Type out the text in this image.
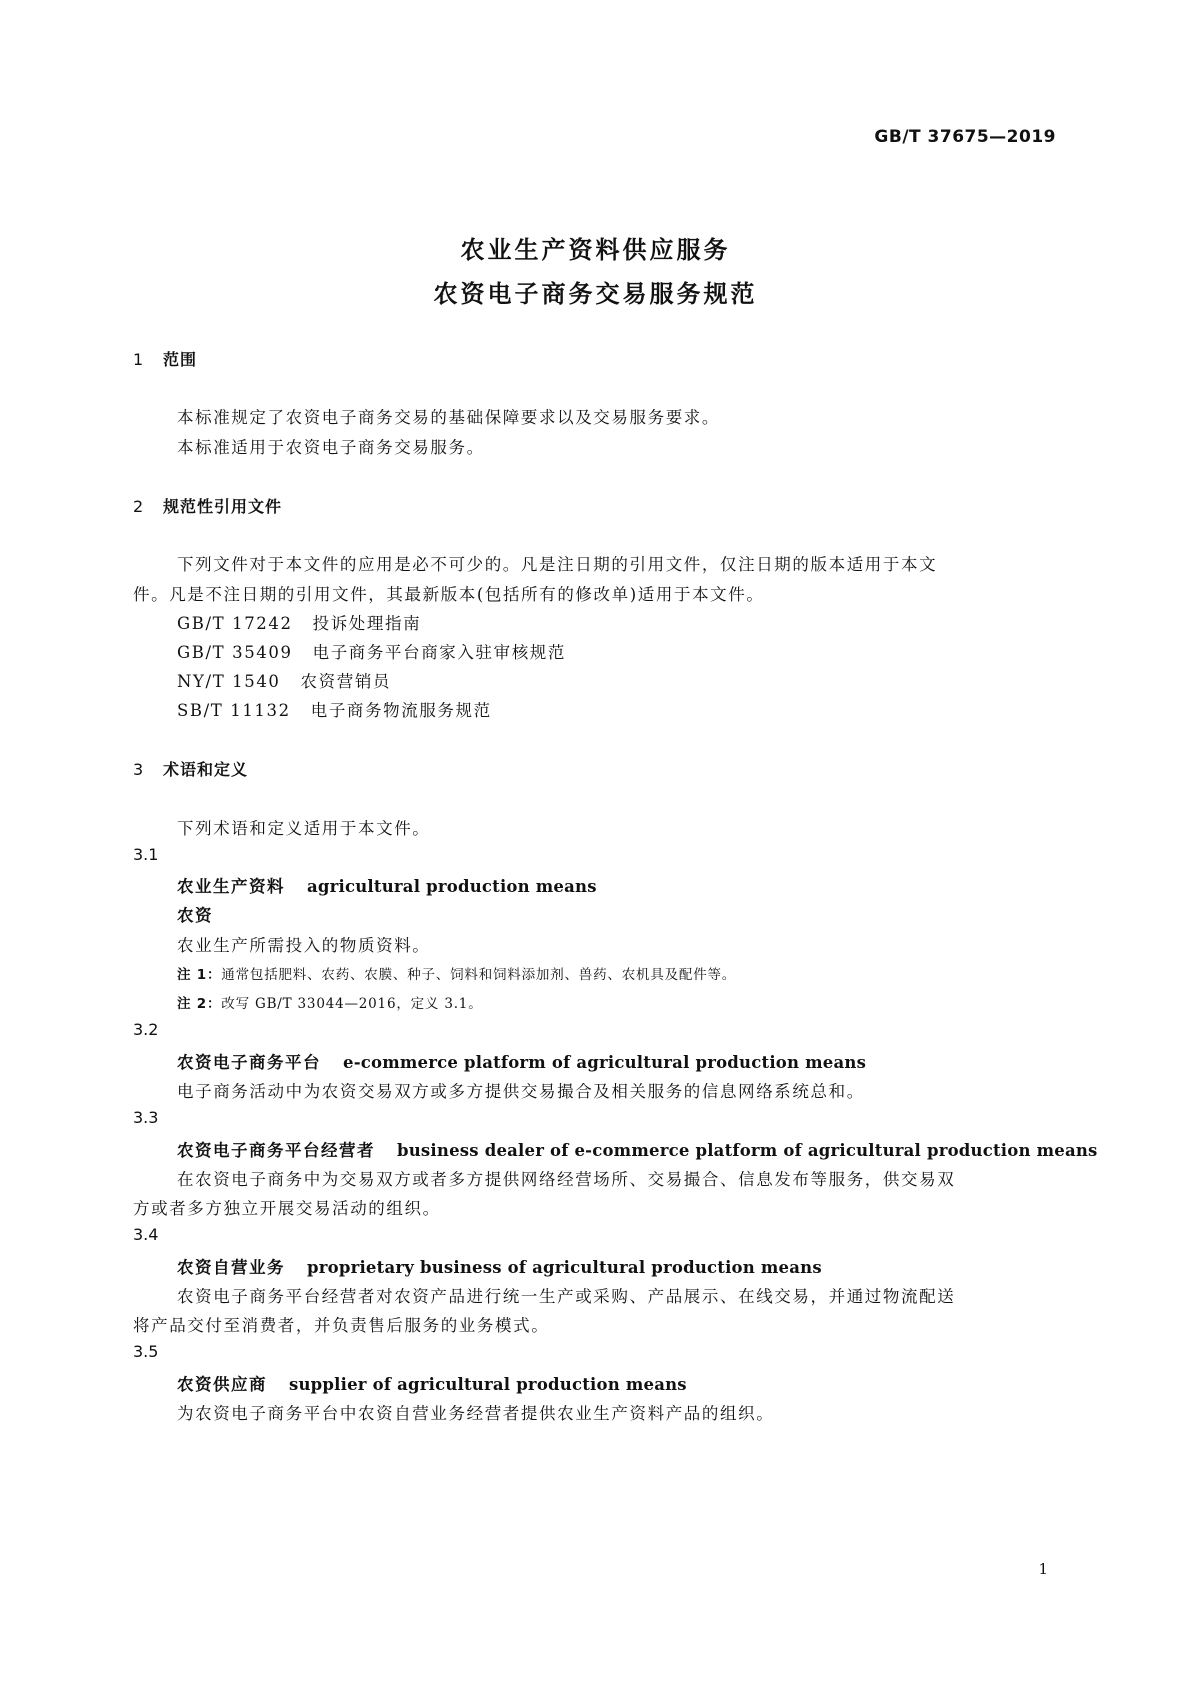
GB/T 37675—2019
农业生产资料供应服务
农资电子商务交易服务规范
1 范围
本标准规定了农资电子商务交易的基础保障要求以及交易服务要求。
本标准适用于农资电子商务交易服务。
2 规范性引用文件
下列文件对于本文件的应用是必不可少的。凡是注日期的引用文件，仅注日期的版本适用于本文
件。凡是不注日期的引用文件，其最新版本(包括所有的修改单)适用于本文件。
GB/T 17242 投诉处理指南
GB/T 35409 电子商务平台商家入驻审核规范
NY/T 1540 农资营销员
SB/T 11132 电子商务物流服务规范
3 术语和定义
下列术语和定义适用于本文件。
3.1
农业生产资料 agricultural production means
农资
农业生产所需投入的物质资料。
注 1：通常包括肥料、农药、农膜、种子、饲料和饲料添加剂、兽药、农机具及配件等。
注 2：改写 GB/T 33044—2016，定义 3.1。
3.2
农资电子商务平台 e-commerce platform of agricultural production means
电子商务活动中为农资交易双方或多方提供交易撮合及相关服务的信息网络系统总和。
3.3
农资电子商务平台经营者 business dealer of e-commerce platform of agricultural production means
在农资电子商务中为交易双方或者多方提供网络经营场所、交易撮合、信息发布等服务，供交易双
方或者多方独立开展交易活动的组织。
3.4
农资自营业务 proprietary business of agricultural production means
农资电子商务平台经营者对农资产品进行统一生产或采购、产品展示、在线交易，并通过物流配送
将产品交付至消费者，并负责售后服务的业务模式。
3.5
农资供应商 supplier of agricultural production means
为农资电子商务平台中农资自营业务经营者提供农业生产资料产品的组织。
1
